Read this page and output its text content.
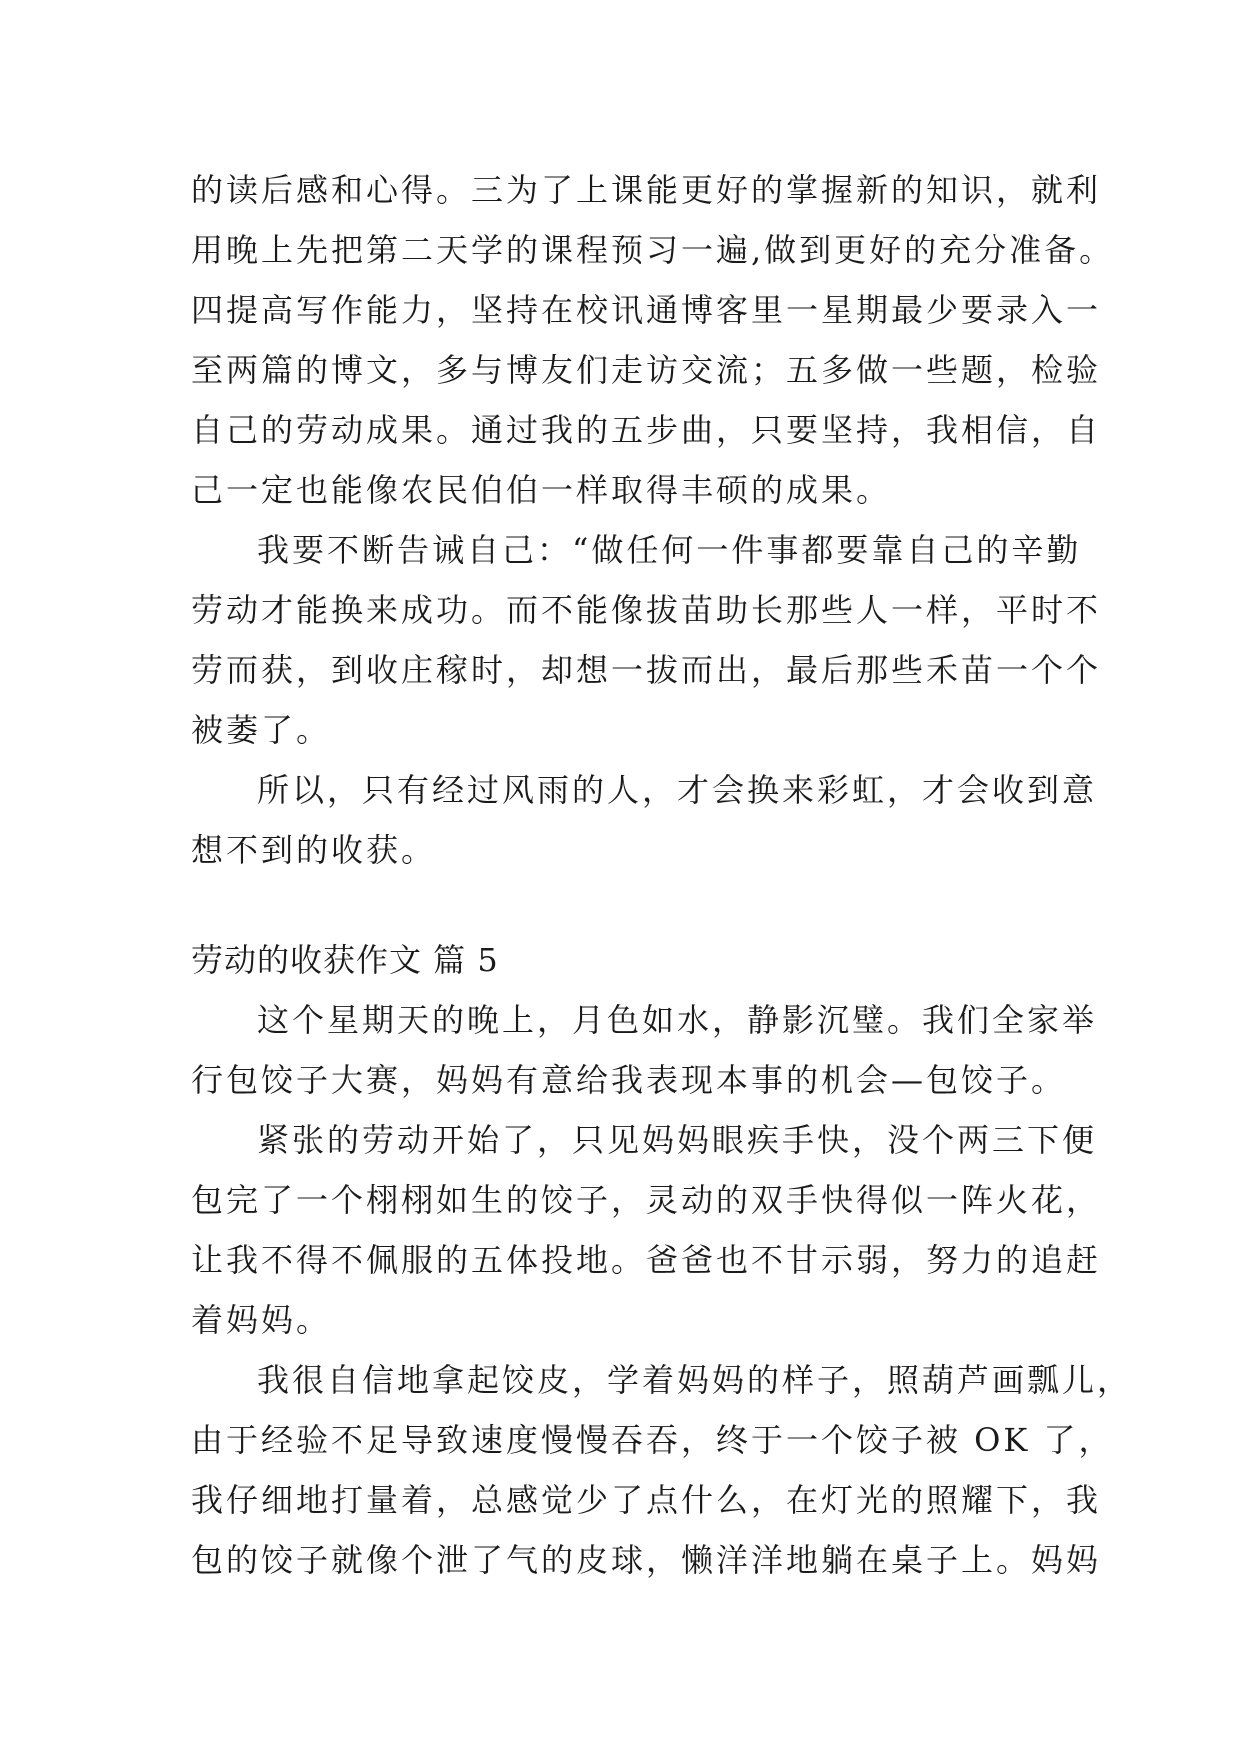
的读后感和心得。三为了上课能更好的掌握新的知识，就利
用晚上先把第二天学的课程预习一遍,做到更好的充分准备。
四提高写作能力，坚持在校讯通博客里一星期最少要录入一
至两篇的博文，多与博友们走访交流；五多做一些题，检验
自己的劳动成果。通过我的五步曲，只要坚持，我相信，自
己一定也能像农民伯伯一样取得丰硕的成果。
我要不断告诫自己：“做任何一件事都要靠自己的辛勤
劳动才能换来成功。而不能像拔苗助长那些人一样，平时不
劳而获，到收庄稼时，却想一拔而出，最后那些禾苗一个个
被萎了。
所以，只有经过风雨的人，才会换来彩虹，才会收到意
想不到的收获。
劳动的收获作文 篇 5
这个星期天的晚上，月色如水，静影沉璧。我们全家举
行包饺子大赛，妈妈有意给我表现本事的机会—包饺子。
紧张的劳动开始了，只见妈妈眼疾手快，没个两三下便
包完了一个栩栩如生的饺子，灵动的双手快得似一阵火花，
让我不得不佩服的五体投地。爸爸也不甘示弱，努力的追赶
着妈妈。
我很自信地拿起饺皮，学着妈妈的样子，照葫芦画瓢儿，
由于经验不足导致速度慢慢吞吞，终于一个饺子被 OK 了，
我仔细地打量着，总感觉少了点什么，在灯光的照耀下，我
包的饺子就像个泄了气的皮球，懒洋洋地躺在桌子上。妈妈
